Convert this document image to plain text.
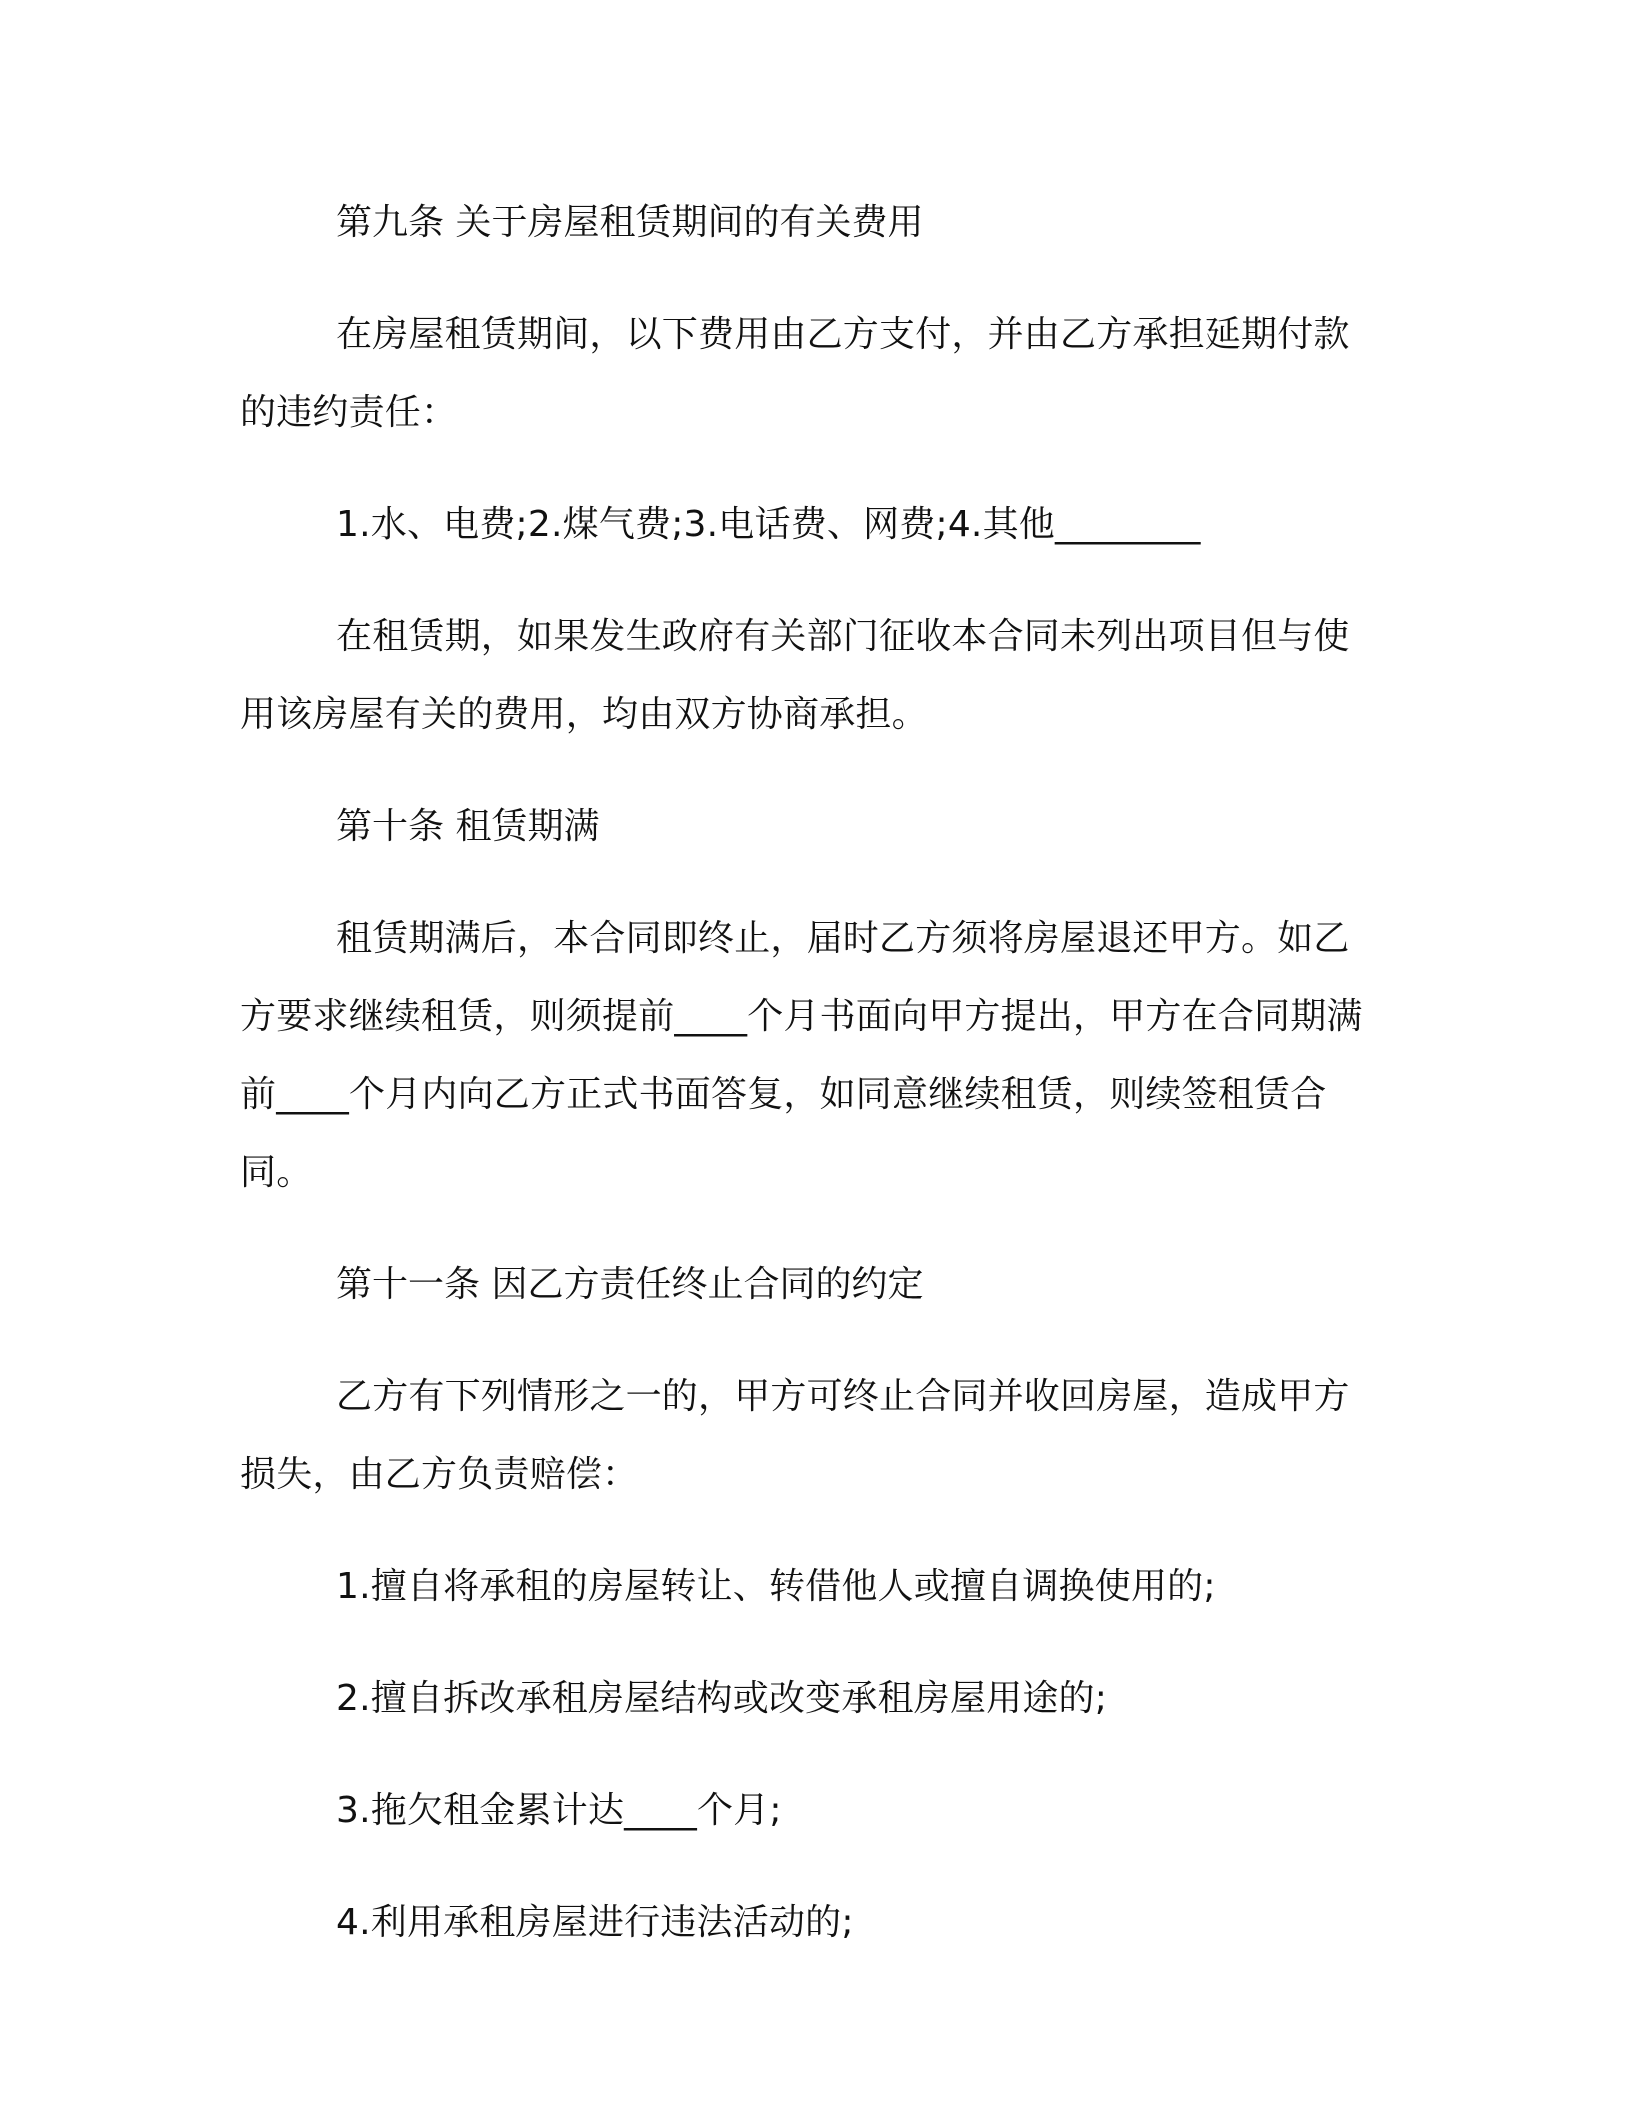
第九条 关于房屋租赁期间的有关费用

在房屋租赁期间，以下费用由乙方支付，并由乙方承担延期付款的违约责任：

1.水、电费;2.煤气费;3.电话费、网费;4.其他________

在租赁期，如果发生政府有关部门征收本合同未列出项目但与使用该房屋有关的费用，均由双方协商承担。

第十条 租赁期满

租赁期满后，本合同即终止，届时乙方须将房屋退还甲方。如乙方要求继续租赁，则须提前____个月书面向甲方提出，甲方在合同期满前____个月内向乙方正式书面答复，如同意继续租赁，则续签租赁合同。

第十一条 因乙方责任终止合同的约定

乙方有下列情形之一的，甲方可终止合同并收回房屋，造成甲方损失，由乙方负责赔偿：

1.擅自将承租的房屋转让、转借他人或擅自调换使用的;

2.擅自拆改承租房屋结构或改变承租房屋用途的;

3.拖欠租金累计达____个月;

4.利用承租房屋进行违法活动的;
